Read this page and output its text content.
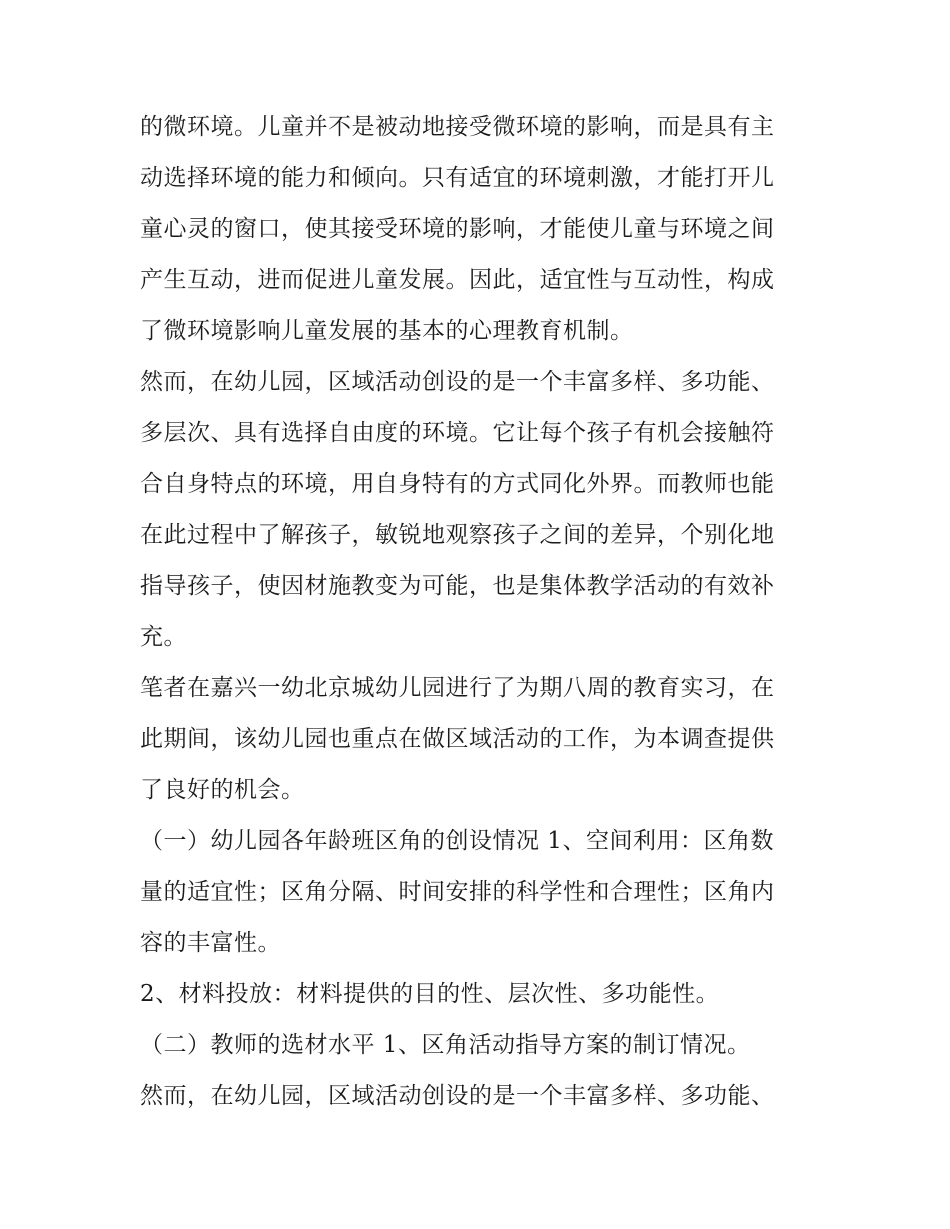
的微环境。儿童并不是被动地接受微环境的影响，而是具有主
动选择环境的能力和倾向。只有适宜的环境刺激，才能打开儿
童心灵的窗口，使其接受环境的影响，才能使儿童与环境之间
产生互动，进而促进儿童发展。因此，适宜性与互动性，构成
了微环境影响儿童发展的基本的心理教育机制。
然而，在幼儿园，区域活动创设的是一个丰富多样、多功能、
多层次、具有选择自由度的环境。它让每个孩子有机会接触符
合自身特点的环境，用自身特有的方式同化外界。而教师也能
在此过程中了解孩子，敏锐地观察孩子之间的差异，个别化地
指导孩子，使因材施教变为可能，也是集体教学活动的有效补
充。
笔者在嘉兴一幼北京城幼儿园进行了为期八周的教育实习，在
此期间，该幼儿园也重点在做区域活动的工作，为本调查提供
了良好的机会。
（一）幼儿园各年龄班区角的创设情况 1、空间利用：区角数
量的适宜性；区角分隔、时间安排的科学性和合理性；区角内
容的丰富性。
2、材料投放：材料提供的目的性、层次性、多功能性。
（二）教师的选材水平 1、区角活动指导方案的制订情况。
然而，在幼儿园，区域活动创设的是一个丰富多样、多功能、
